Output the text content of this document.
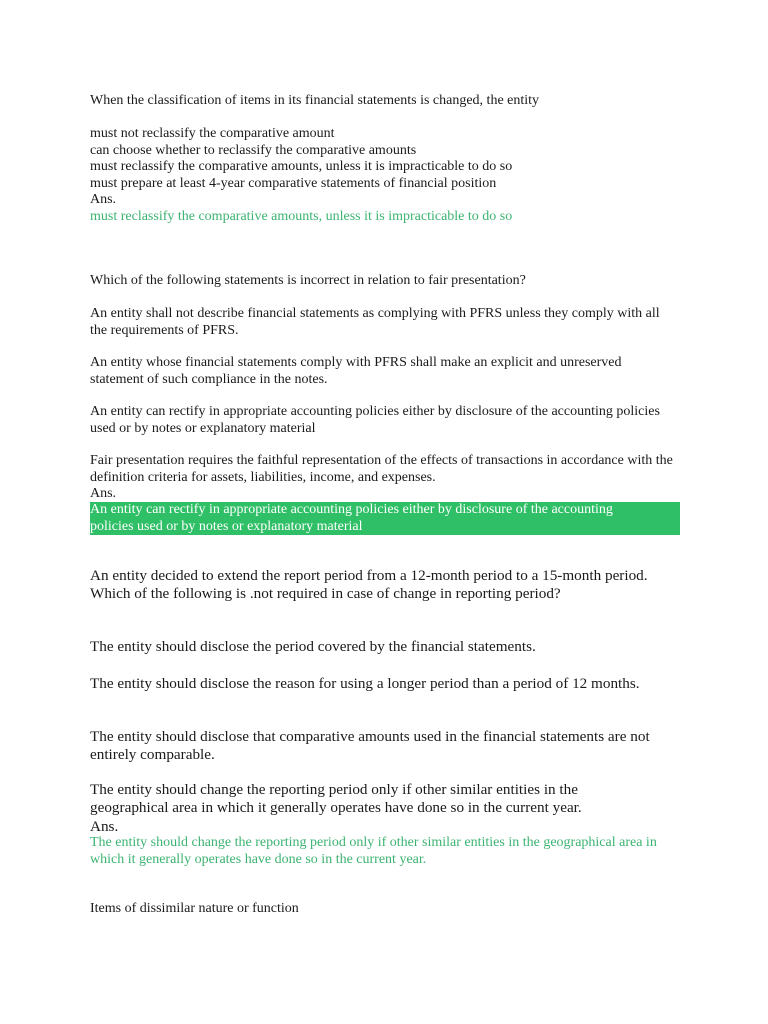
When the classification of items in its financial statements is changed, the entity
must not reclassify the comparative amount
can choose whether to reclassify the comparative amounts
must reclassify the comparative amounts, unless it is impracticable to do so
must prepare at least 4-year comparative statements of financial position
Ans.
must reclassify the comparative amounts, unless it is impracticable to do so
Which of the following statements is incorrect in relation to fair presentation?
An entity shall not describe financial statements as complying with PFRS unless they comply with all the requirements of PFRS.
An entity whose financial statements comply with PFRS shall make an explicit and unreserved statement of such compliance in the notes.
An entity can rectify in appropriate accounting policies either by disclosure of the accounting policies used or by notes or explanatory material
Fair presentation requires the faithful representation of the effects of transactions in accordance with the definition criteria for assets, liabilities, income, and expenses.
Ans.
An entity can rectify in appropriate accounting policies either by disclosure of the accounting
policies used or by notes or explanatory material
An entity decided to extend the report period from a 12-month period to a 15-month period. Which of the following is .not required in case of change in reporting period?
The entity should disclose the period covered by the financial statements.
The entity should disclose the reason for using a longer period than a period of 12 months.
The entity should disclose that comparative amounts used in the financial statements are not entirely comparable.
The entity should change the reporting period only if other similar entities in the geographical area in which it generally operates have done so in the current year.
Ans.
The entity should change the reporting period only if other similar entities in the geographical area in which it generally operates have done so in the current year.
Items of dissimilar nature or function
